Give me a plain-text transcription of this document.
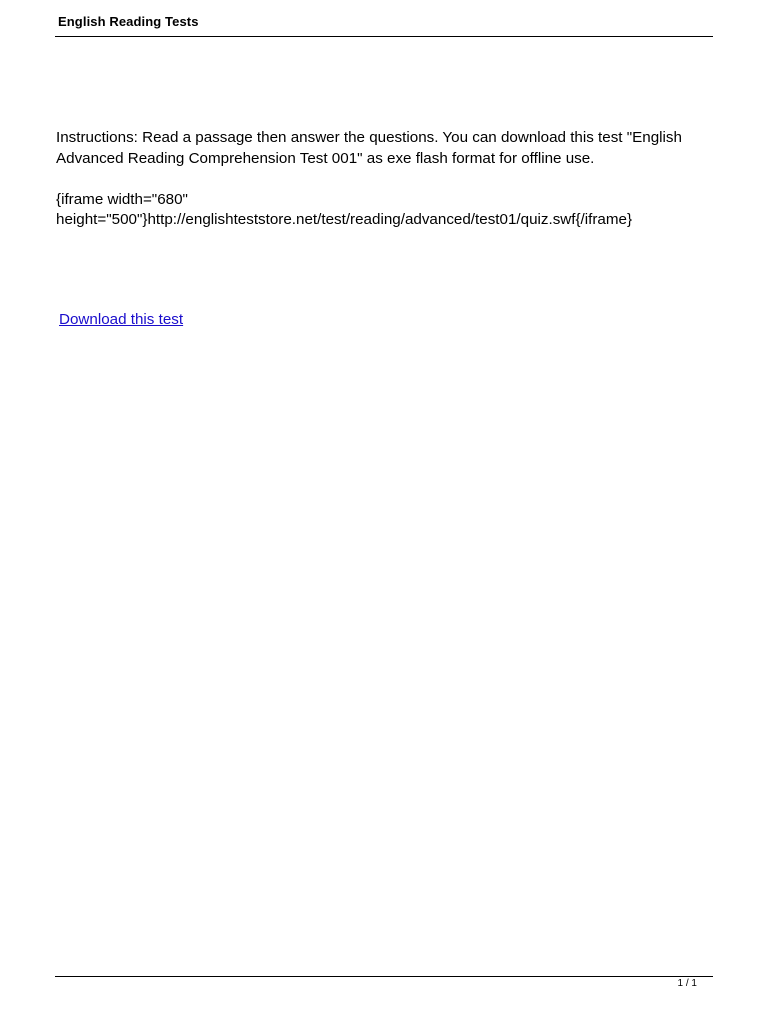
English Reading Tests

Instructions: Read a passage then answer the questions. You can download this test "English Advanced Reading Comprehension Test 001" as exe flash format for offline use.

{iframe width="680"
height="500"}http://englishteststore.net/test/reading/advanced/test01/quiz.swf{/iframe}

Download this test
1 / 1
